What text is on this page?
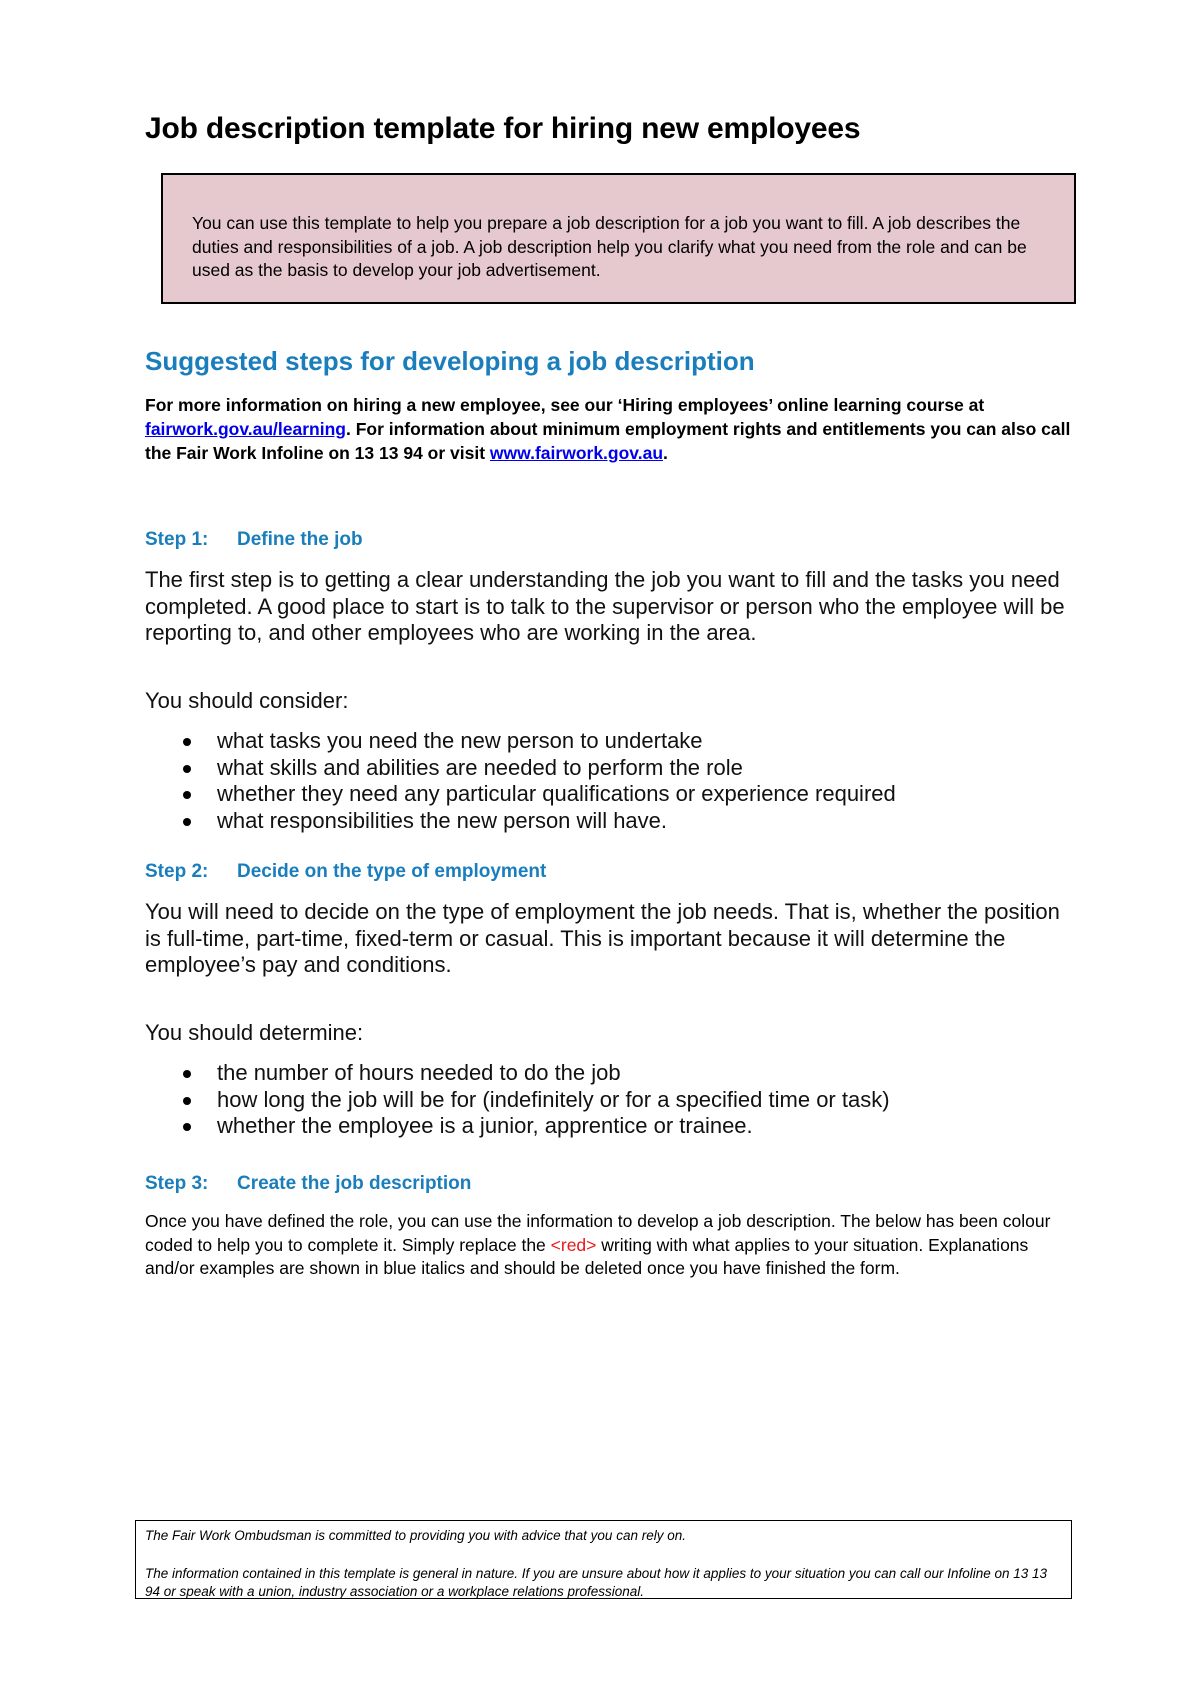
Job description template for hiring new employees

You can use this template to help you prepare a job description for a job you want to fill. A job describes the duties and responsibilities of a job. A job description help you clarify what you need from the role and can be used as the basis to develop your job advertisement.

Suggested steps for developing a job description

For more information on hiring a new employee, see our ‘Hiring employees’ online learning course at fairwork.gov.au/learning. For information about minimum employment rights and entitlements you can also call the Fair Work Infoline on 13 13 94 or visit www.fairwork.gov.au.

Step 1: Define the job

The first step is to getting a clear understanding the job you want to fill and the tasks you need completed. A good place to start is to talk to the supervisor or person who the employee will be reporting to, and other employees who are working in the area.

You should consider:

what tasks you need the new person to undertake
what skills and abilities are needed to perform the role
whether they need any particular qualifications or experience required
what responsibilities the new person will have.
Step 2: Decide on the type of employment

You will need to decide on the type of employment the job needs. That is, whether the position is full-time, part-time, fixed-term or casual. This is important because it will determine the employee’s pay and conditions.

You should determine:

the number of hours needed to do the job
how long the job will be for (indefinitely or for a specified time or task)
whether the employee is a junior, apprentice or trainee.
Step 3: Create the job description

Once you have defined the role, you can use the information to develop a job description. The below has been colour coded to help you to complete it. Simply replace the <red> writing with what applies to your situation. Explanations and/or examples are shown in blue italics and should be deleted once you have finished the form.

The Fair Work Ombudsman is committed to providing you with advice that you can rely on.

The information contained in this template is general in nature. If you are unsure about how it applies to your situation you can call our Infoline on 13 13 94 or speak with a union, industry association or a workplace relations professional.
